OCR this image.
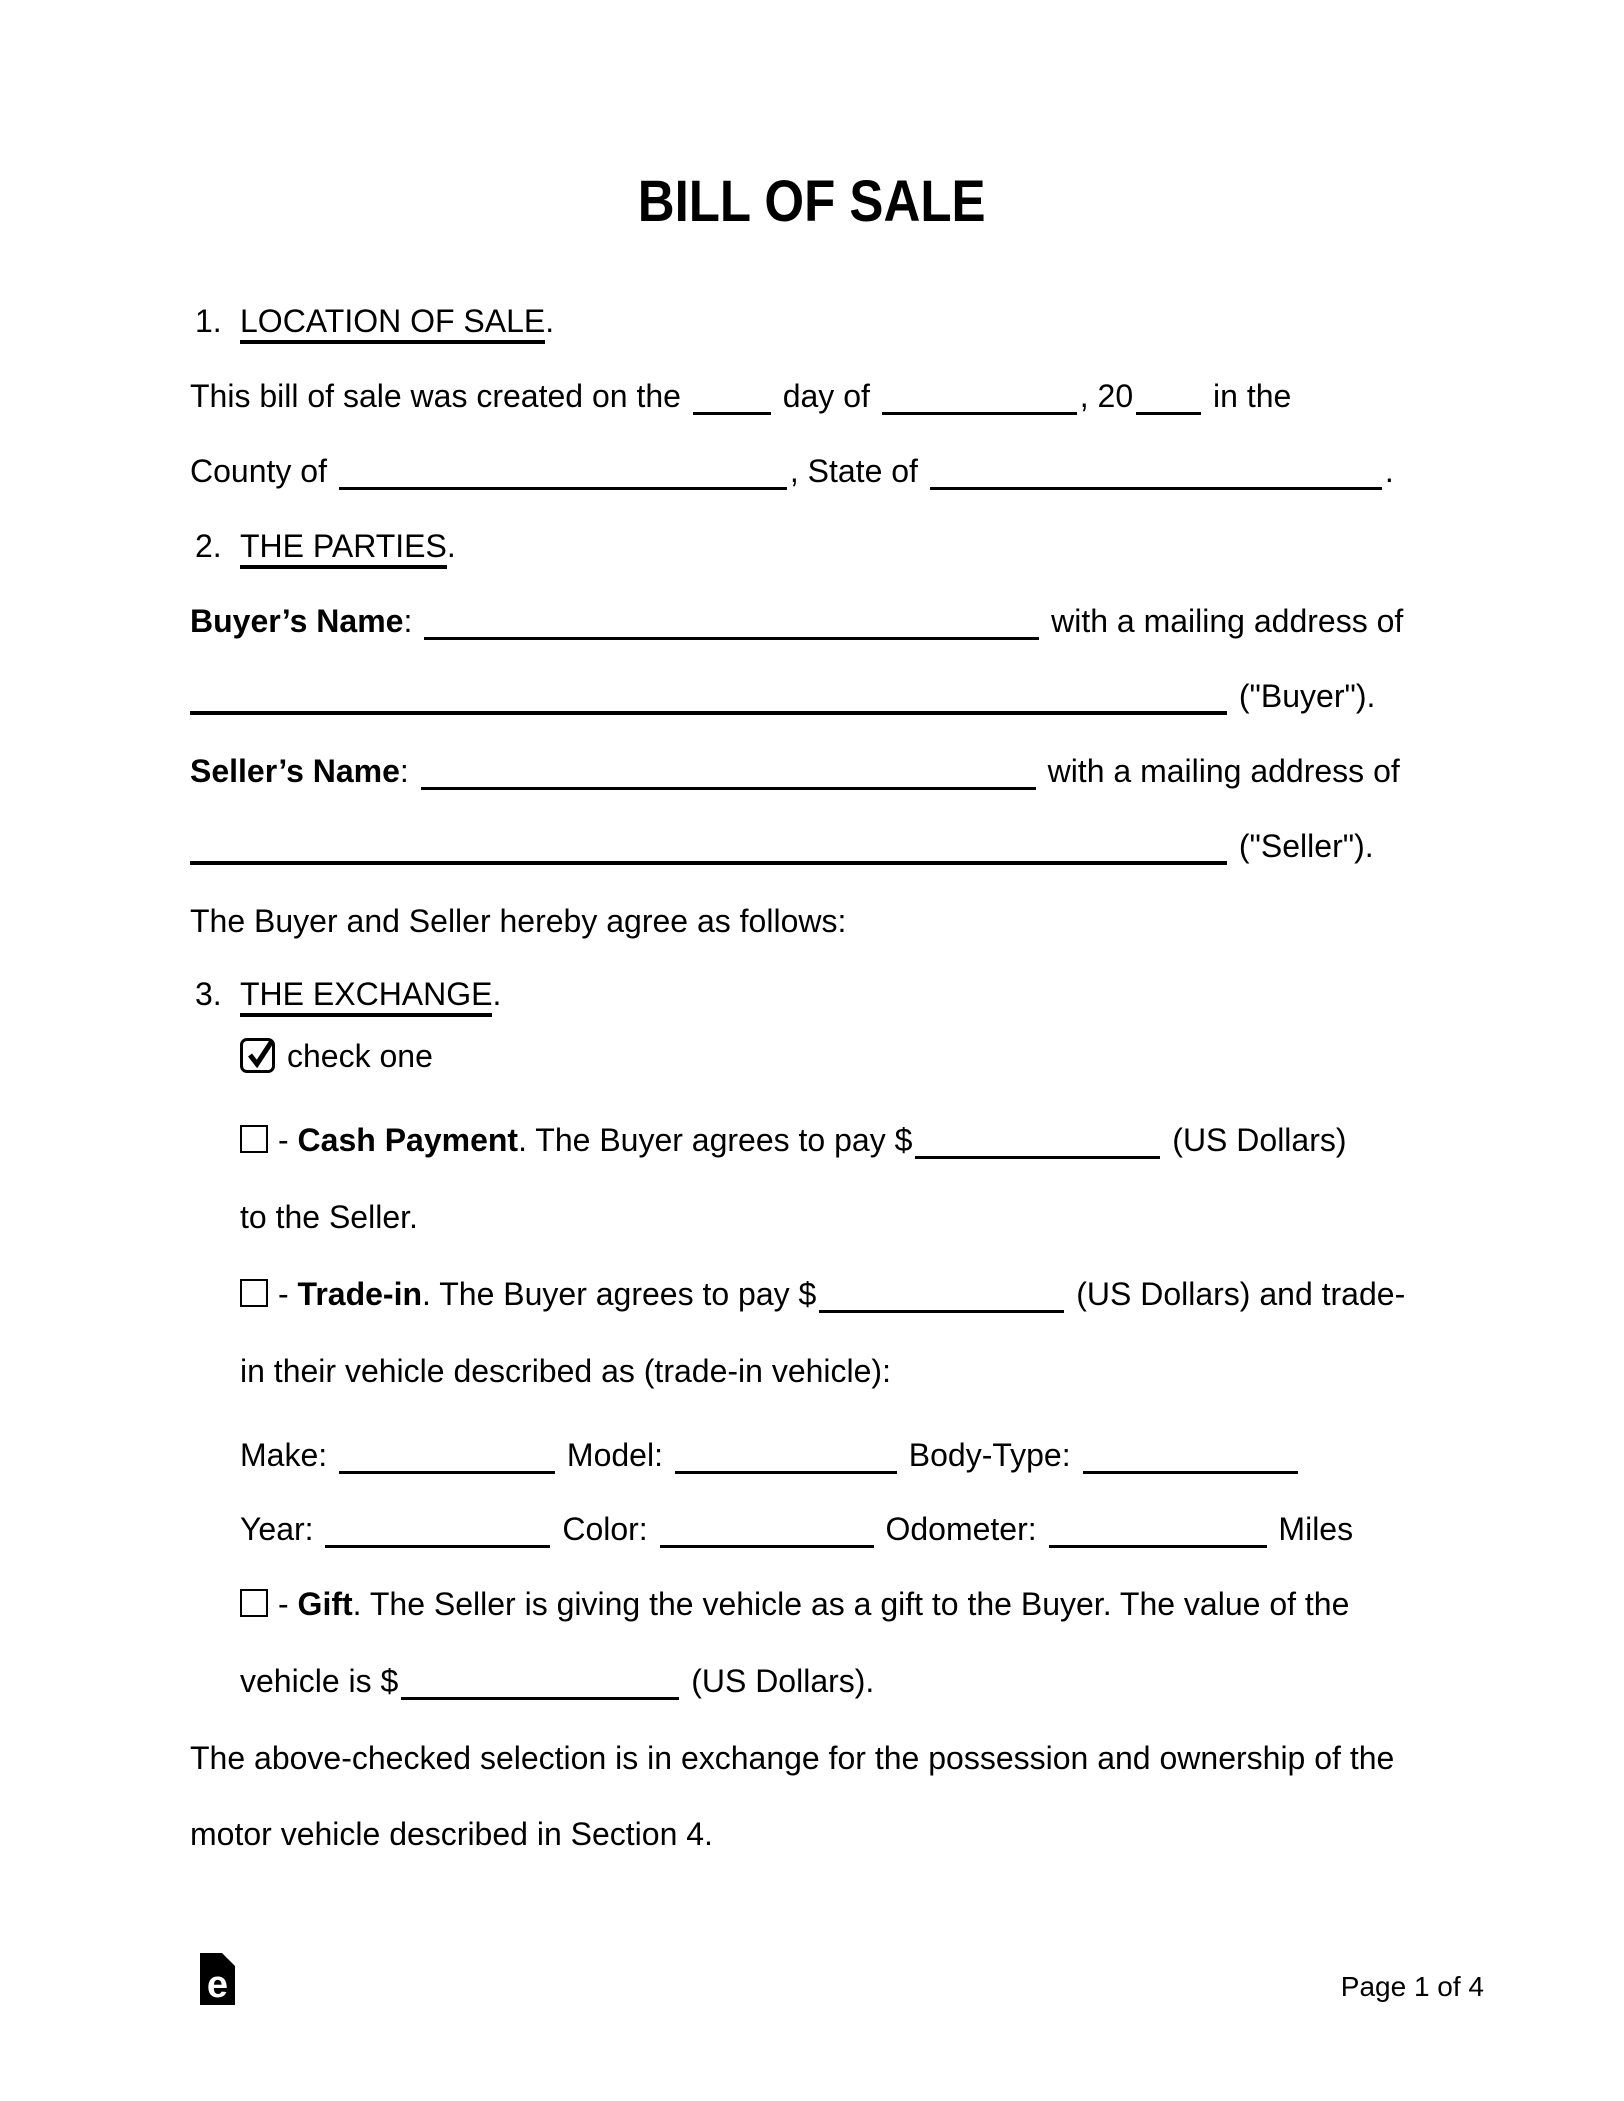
BILL OF SALE
1. LOCATION OF SALE.
This bill of sale was created on the	day of	, 20 in the
County of	, State of	.
2. THE PARTIES.
Buyer’s Name:	with a mailing address of
("Buyer").
Seller’s Name:	with a mailing address of
("Seller").
The Buyer and Seller hereby agree as follows:
3. THE EXCHANGE.
check one
- Cash Payment. The Buyer agrees to pay $	(US Dollars)
to the Seller.
- Trade-in. The Buyer agrees to pay $	(US Dollars) and trade-
in their vehicle described as (trade-in vehicle):
Make:	Model:	Body-Type:
Year:	Color:	Odometer:	Miles
- Gift. The Seller is giving the vehicle as a gift to the Buyer. The value of the
vehicle is $	(US Dollars).
The above-checked selection is in exchange for the possession and ownership of the
motor vehicle described in Section 4.
e	Page 1 of 4
